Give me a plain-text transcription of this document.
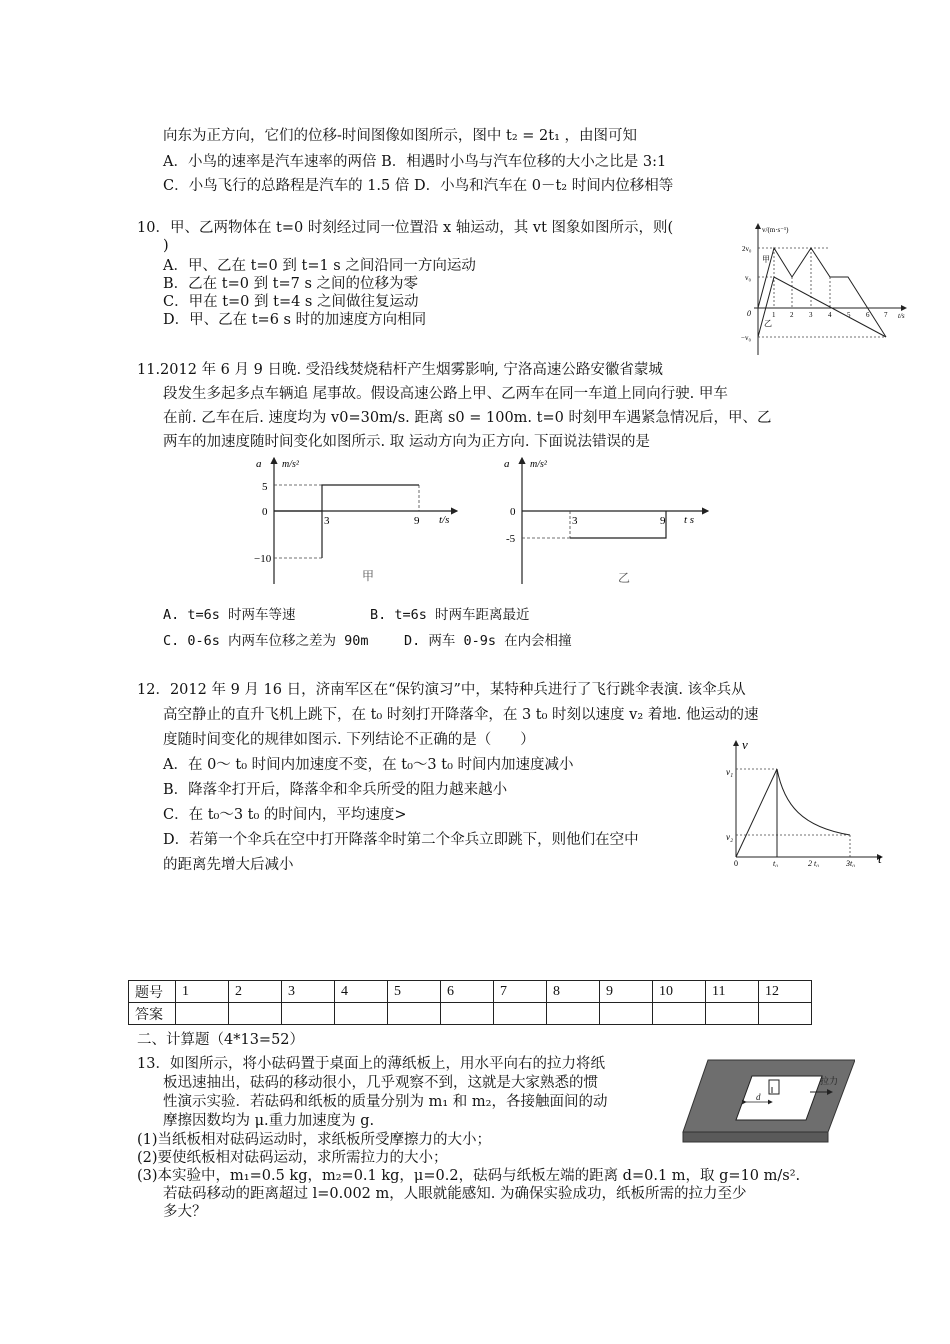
向东为正方向，它们的位移-时间图像如图所示，图中 t₂ = 2t₁ ，由图可知
A．小鸟的速率是汽车速率的两倍 B．相遇时小鸟与汽车位移的大小之比是 3:1
C．小鸟飞行的总路程是汽车的 1.5 倍 D．小鸟和汽车在 0－t₂ 时间内位移相等
10．甲、乙两物体在 t=0 时刻经过同一位置沿 x 轴运动，其 vt 图象如图所示，则(
)
A．甲、乙在 t=0 到 t=1 s 之间沿同一方向运动
B．乙在 t=0 到 t=7 s 之间的位移为零
C．甲在 t=0 到 t=4 s 之间做往复运动
D．甲、乙在 t=6 s 时的加速度方向相同
v/(m·s⁻¹)
t/s
2v₀
v₀
0
−v₀
1 2 3 4 5 6 7
甲
乙
11.2012 年 6 月 9 日晚. 受沿线焚烧秸杆产生烟雾影响, 宁洛高速公路安徽省蒙城
段发生多起多点车辆追 尾事故。假设高速公路上甲、乙两车在同一车道上同向行驶. 甲车
在前. 乙车在后. 速度均为 v0=30m/s. 距离 s0 = 100m. t=0 时刻甲车遇紧急情况后，甲、乙
两车的加速度随时间变化如图所示. 取 运动方向为正方向. 下面说法错误的是
a m/s²
t/s
5
0
−10
3	9
甲
a m/s²
t s
0
-5
3	9
乙
A. t=6s 时两车等速	B. t=6s 时两车距离最近
C. 0-6s 内两车位移之差为 90m	D. 两车 0-9s 在内会相撞
12．2012 年 9 月 16 日，济南军区在“保钓演习”中，某特种兵进行了飞行跳伞表演. 该伞兵从
高空静止的直升飞机上跳下，在 t₀ 时刻打开降落伞，在 3 t₀ 时刻以速度 v₂ 着地. 他运动的速
度随时间变化的规律如图示. 下列结论不正确的是（　　）
A．在 0～ t₀ 时间内加速度不变，在 t₀～3 t₀ 时间内加速度减小
B．降落伞打开后，降落伞和伞兵所受的阻力越来越小
C．在 t₀～3 t₀ 的时间内，平均速度>
D．若第一个伞兵在空中打开降落伞时第二个伞兵立即跳下，则他们在空中
的距离先增大后减小
v
t
v₁
v₂
0	t₀	2 t₀	3t₀
题号	1	2	3	4	5	6	7	8	9	10	11	12
答案												
二、计算题（4*13=52）
13．如图所示，将小砝码置于桌面上的薄纸板上，用水平向右的拉力将纸
板迅速抽出，砝码的移动很小，几乎观察不到，这就是大家熟悉的惯
性演示实验．若砝码和纸板的质量分别为 m₁ 和 m₂，各接触面间的动
摩擦因数均为 μ.重力加速度为 g.
(1)当纸板相对砝码运动时，求纸板所受摩擦力的大小；
(2)要使纸板相对砝码运动，求所需拉力的大小；
(3)本实验中，m₁=0.5 kg，m₂=0.1 kg，μ=0.2，砝码与纸板左端的距离 d=0.1 m，取 g=10 m/s².
若砝码移动的距离超过 l=0.002 m，人眼就能感知. 为确保实验成功，纸板所需的拉力至少
多大？
拉力
d
